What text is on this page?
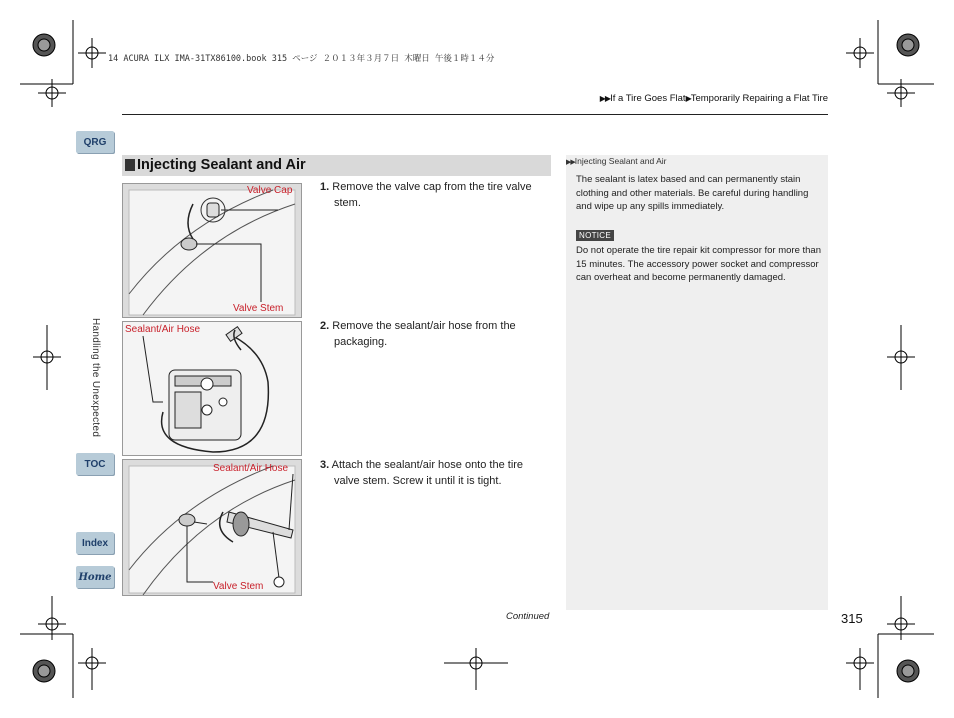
14 ACURA ILX IMA-31TX86100.book 315 ページ ２０１３年３月７日 木曜日 午後１時１４分
▶▶If a Tire Goes Flat▶Temporarily Repairing a Flat Tire
QRG
Handling the Unexpected
TOC
Index
Home
Injecting Sealant and Air
Valve Cap
Valve Stem
Sealant/Air Hose
Sealant/Air Hose
Valve Stem
1. Remove the valve cap from the tire valve stem.
2. Remove the sealant/air hose from the packaging.
3. Attach the sealant/air hose onto the tire valve stem. Screw it until it is tight.
▶▶Injecting Sealant and Air
The sealant is latex based and can permanently stain clothing and other materials. Be careful during handling and wipe up any spills immediately.
NOTICE
Do not operate the tire repair kit compressor for more than 15 minutes. The accessory power socket and compressor can overheat and become permanently damaged.
Continued	315
